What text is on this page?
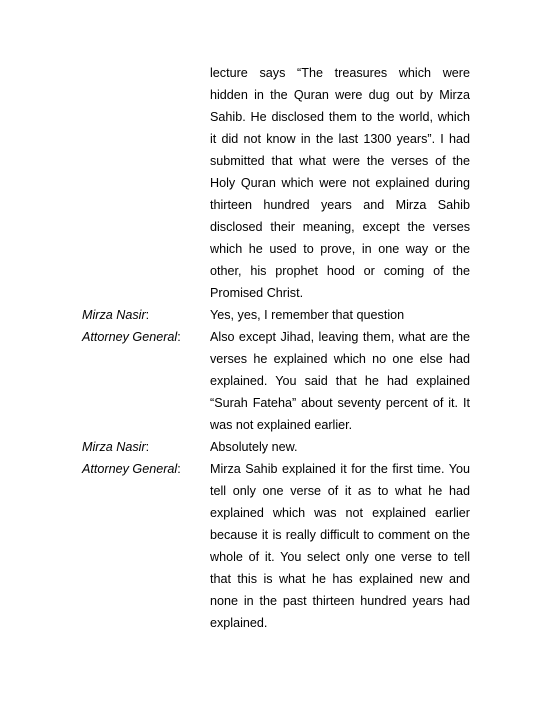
lecture says “The treasures which were hidden in the Quran were dug out by Mirza Sahib. He disclosed them to the world, which it did not know in the last 1300 years”. I had submitted that what were the verses of the Holy Quran which were not explained during thirteen hundred years and Mirza Sahib disclosed their meaning, except the verses which he used to prove, in one way or the other, his prophet hood or coming of the Promised Christ.
Mirza Nasir:	Yes, yes, I remember that question
Attorney General:	Also except Jihad, leaving them, what are the verses he explained which no one else had explained. You said that he had explained “Surah Fateha” about seventy percent of it. It was not explained earlier.
Mirza Nasir:	Absolutely new.
Attorney General:	Mirza Sahib explained it for the first time. You tell only one verse of it as to what he had explained which was not explained earlier because it is really difficult to comment on the whole of it. You select only one verse to tell that this is what he has explained new and none in the past thirteen hundred years had explained.
